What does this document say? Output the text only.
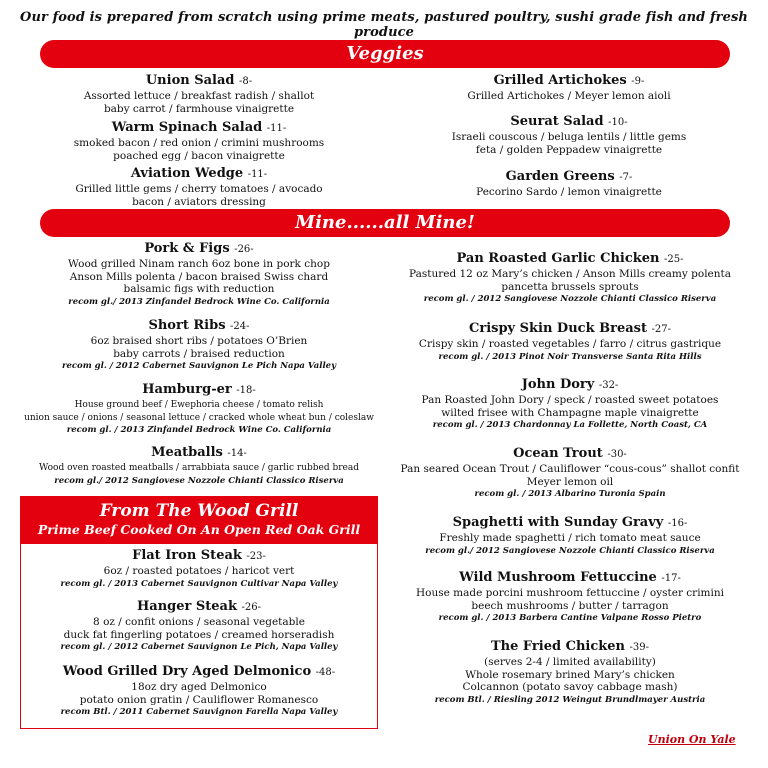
Our food is prepared from scratch using prime meats, pastured poultry, sushi grade fish and fresh produce
Veggies
Mine......all Mine!
Union Salad -8-
Assorted lettuce / breakfast radish / shallot
baby carrot / farmhouse vinaigrette
Warm Spinach Salad -11-
smoked bacon / red onion / crimini mushrooms
poached egg / bacon vinaigrette
Aviation Wedge -11-
Grilled little gems / cherry tomatoes / avocado
bacon / aviators dressing
Grilled Artichokes -9-
Grilled Artichokes / Meyer lemon aioli
Seurat Salad -10-
Israeli couscous / beluga lentils / little gems
feta / golden Peppadew vinaigrette
Garden Greens -7-
Pecorino Sardo / lemon vinaigrette
Pork & Figs -26-
Wood grilled Ninam ranch 6oz bone in pork chop
Anson Mills polenta / bacon braised Swiss chard
balsamic figs with reduction
recom gl./ 2013 Zinfandel Bedrock Wine Co. California
Short Ribs -24-
6oz braised short ribs / potatoes O’Brien
baby carrots / braised reduction
recom gl. / 2012 Cabernet Sauvignon Le Pich Napa Valley
Hamburg-er -18-
House ground beef / Ewephoria cheese / tomato relish
union sauce / onions / seasonal lettuce / cracked whole wheat bun / coleslaw
recom gl. / 2013 Zinfandel Bedrock Wine Co. California
Meatballs -14-
Wood oven roasted meatballs / arrabbiata sauce / garlic rubbed bread
recom gl./ 2012 Sangiovese Nozzole Chianti Classico Riserva
From The Wood Grill
Prime Beef Cooked On An Open Red Oak Grill
Flat Iron Steak -23-
6oz / roasted potatoes / haricot vert
recom gl. / 2013 Cabernet Sauvignon Cultivar Napa Valley
Hanger Steak -26-
8 oz / confit onions / seasonal vegetable
duck fat fingerling potatoes / creamed horseradish
recom gl. / 2012 Cabernet Sauvignon Le Pich, Napa Valley
Wood Grilled Dry Aged Delmonico -48-
18oz dry aged Delmonico
potato onion gratin / Cauliflower Romanesco
recom Btl. / 2011 Cabernet Sauvignon Farella Napa Valley
Pan Roasted Garlic Chicken -25-
Pastured 12 oz Mary’s chicken / Anson Mills creamy polenta
pancetta brussels sprouts
recom gl. / 2012 Sangiovese Nozzole Chianti Classico Riserva
Crispy Skin Duck Breast -27-
Crispy skin / roasted vegetables / farro / citrus gastrique
recom gl. / 2013 Pinot Noir Transverse Santa Rita Hills
John Dory -32-
Pan Roasted John Dory / speck / roasted sweet potatoes
wilted frisee with Champagne maple vinaigrette
recom gl. / 2013 Chardonnay La Follette, North Coast, CA
Ocean Trout -30-
Pan seared Ocean Trout / Cauliflower “cous-cous” shallot confit
Meyer lemon oil
recom gl. / 2013 Albarino Turonia Spain
Spaghetti with Sunday Gravy -16-
Freshly made spaghetti / rich tomato meat sauce
recom gl./ 2012 Sangiovese Nozzole Chianti Classico Riserva
Wild Mushroom Fettuccine -17-
House made porcini mushroom fettuccine / oyster crimini
beech mushrooms / butter / tarragon
recom gl. / 2013 Barbera Cantine Valpane Rosso Pietro
The Fried Chicken -39-
(serves 2-4 / limited availability)
Whole rosemary brined Mary’s chicken
Colcannon (potato savoy cabbage mash)
recom Btl. / Riesling 2012 Weingut Brundlmayer Austria
Union On Yale
